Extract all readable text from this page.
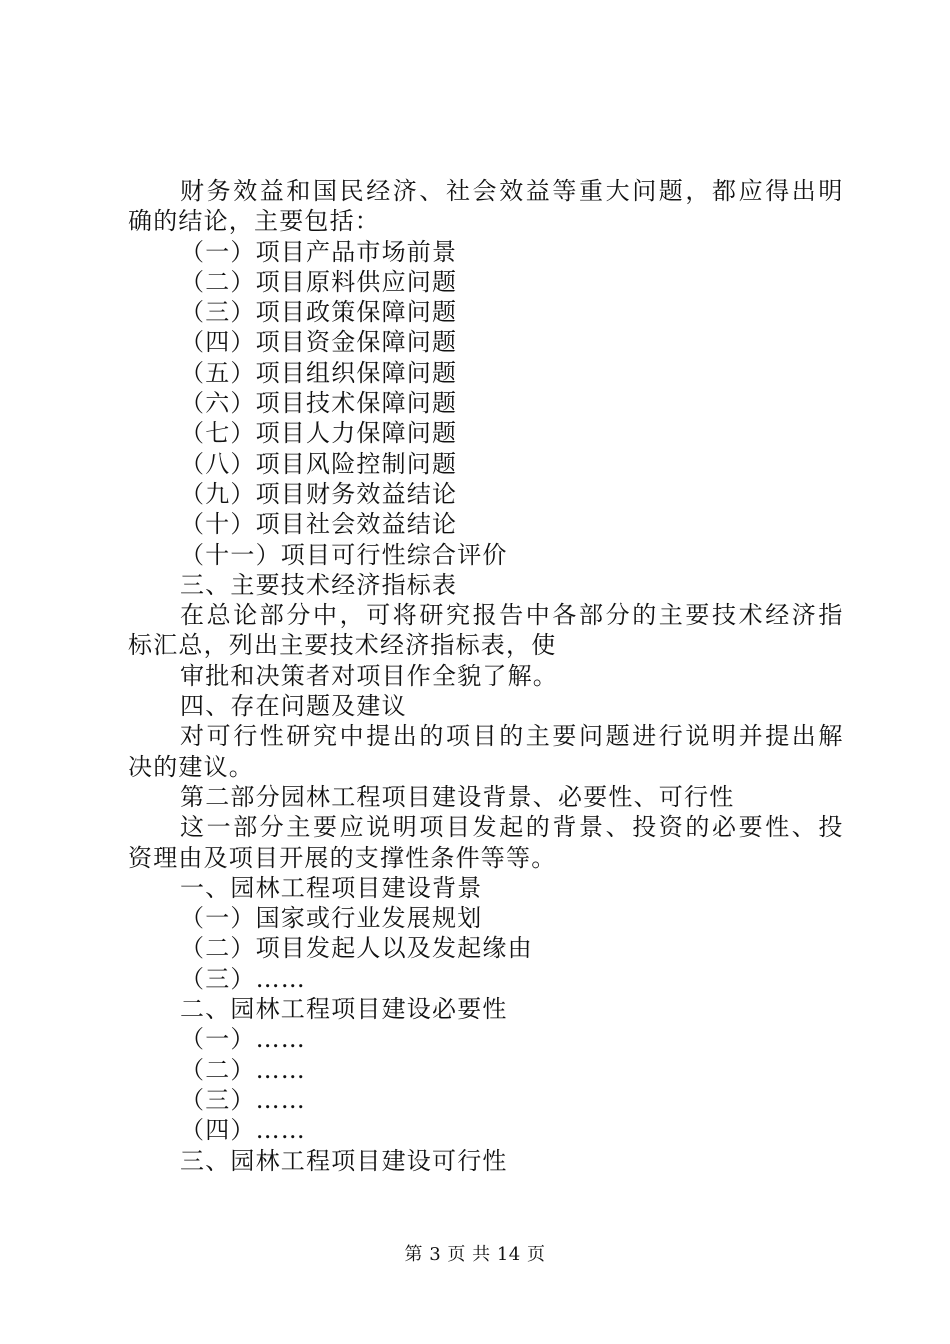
财务效益和国民经济、社会效益等重大问题，都应得出明
确的结论，主要包括：
（一）项目产品市场前景
（二）项目原料供应问题
（三）项目政策保障问题
（四）项目资金保障问题
（五）项目组织保障问题
（六）项目技术保障问题
（七）项目人力保障问题
（八）项目风险控制问题
（九）项目财务效益结论
（十）项目社会效益结论
（十一）项目可行性综合评价
三、主要技术经济指标表
在总论部分中，可将研究报告中各部分的主要技术经济指
标汇总，列出主要技术经济指标表，使
审批和决策者对项目作全貌了解。
四、存在问题及建议
对可行性研究中提出的项目的主要问题进行说明并提出解
决的建议。
第二部分园林工程项目建设背景、必要性、可行性
这一部分主要应说明项目发起的背景、投资的必要性、投
资理由及项目开展的支撑性条件等等。
一、园林工程项目建设背景
（一）国家或行业发展规划
（二）项目发起人以及发起缘由
（三）……
二、园林工程项目建设必要性
（一）……
（二）……
（三）……
（四）……
三、园林工程项目建设可行性
第 3 页 共 14 页
